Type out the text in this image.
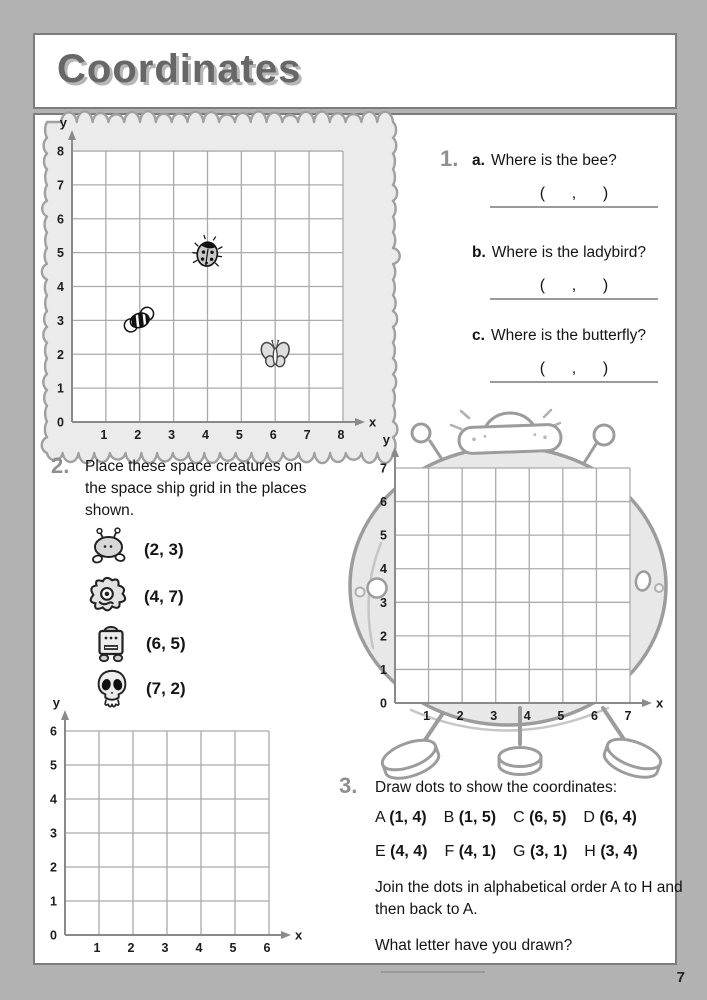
Coordinates
0
1
2
3
4
5
6
7
8
1 2 3 4 5 6 7 8
y
x
1. a. Where is the bee?
(      ,      )
b. Where is the ladybird?
(      ,      )
c. Where is the butterfly?
(      ,      )
2. Place these space creatures on the space ship grid in the places shown.
(2, 3)
(4, 7)
(6, 5)
(7, 2)
0
1
2
3
4
5
6
7
1 2 3 4 5 6 7
y
x
0
1
2
3
4
5
6
1 2 3 4 5 6
y
x
3. Draw dots to show the coordinates:
A (1, 4) B (1, 5) C (6, 5) D (6, 4)
E (4, 4) F (4, 1) G (3, 1) H (3, 4)
Join the dots in alphabetical order A to H and then back to A.
What letter have you drawn?
7
